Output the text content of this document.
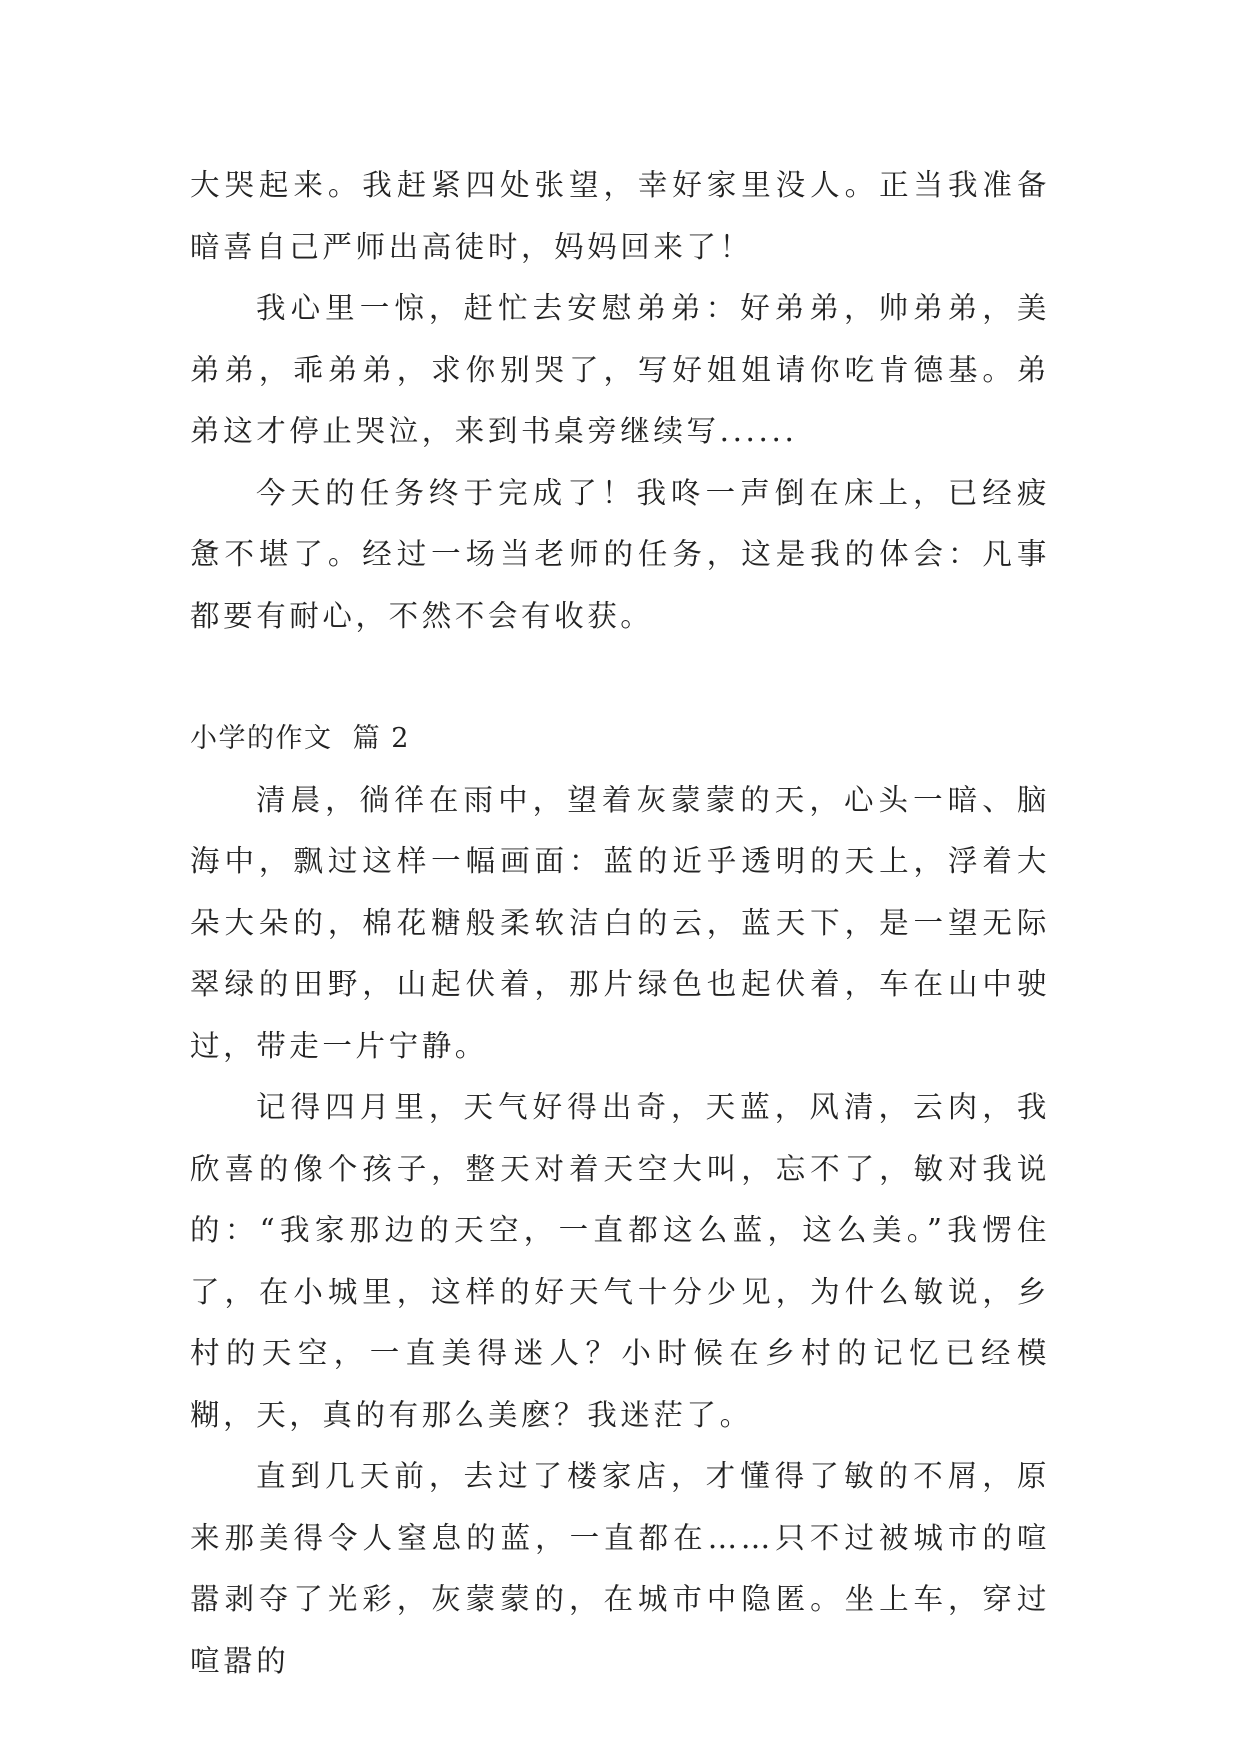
大哭起来。我赶紧四处张望，幸好家里没人。正当我准备暗喜自己严师出高徒时，妈妈回来了！

我心里一惊，赶忙去安慰弟弟：好弟弟，帅弟弟，美弟弟，乖弟弟，求你别哭了，写好姐姐请你吃肯德基。弟弟这才停止哭泣，来到书桌旁继续写......

今天的任务终于完成了！我咚一声倒在床上，已经疲惫不堪了。经过一场当老师的任务，这是我的体会：凡事都要有耐心，不然不会有收获。

小学的作文  篇 2

清晨，徜徉在雨中，望着灰蒙蒙的天，心头一暗、脑海中，飘过这样一幅画面：蓝的近乎透明的天上，浮着大朵大朵的，棉花糖般柔软洁白的云，蓝天下，是一望无际翠绿的田野，山起伏着，那片绿色也起伏着，车在山中驶过，带走一片宁静。

记得四月里，天气好得出奇，天蓝，风清，云肉，我欣喜的像个孩子，整天对着天空大叫，忘不了，敏对我说的：“我家那边的天空，一直都这么蓝，这么美。”我愣住了，在小城里，这样的好天气十分少见，为什么敏说，乡村的天空，一直美得迷人？小时候在乡村的记忆已经模糊，天，真的有那么美麽？我迷茫了。

直到几天前，去过了楼家店，才懂得了敏的不屑，原来那美得令人窒息的蓝，一直都在……只不过被城市的喧嚣剥夺了光彩，灰蒙蒙的，在城市中隐匿。坐上车，穿过喧嚣的
